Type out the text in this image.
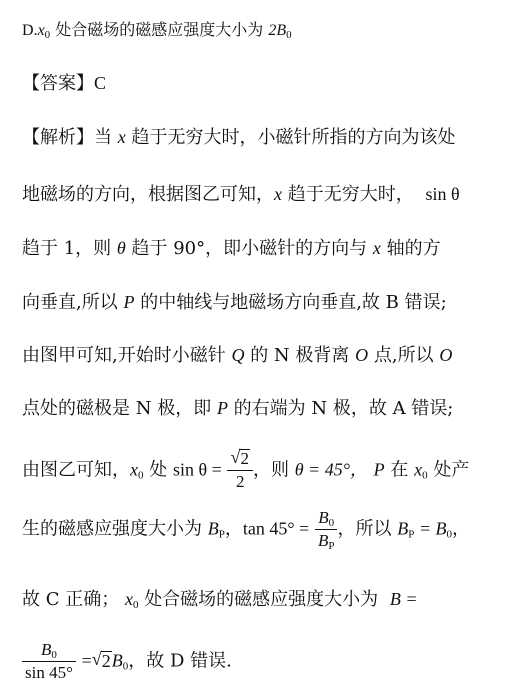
$D.x_0$ 处合磁场的磁感应强度大小为 $2B_0$
【答案】C
【解析】当 x 趋于无穷大时，小磁针所指的方向为该处
地磁场的方向，根据图乙可知，x 趋于无穷大时， sin θ
趋于 1，则 θ 趋于 90°，即小磁针的方向与 x 轴的方
向垂直,所以 P 的中轴线与地磁场方向垂直,故 B 错误;
由图甲可知,开始时小磁针 Q 的 N 极背离 O 点,所以 O
点处的磁极是 N 极，即 P 的右端为 N 极，故 A 错误;
由图乙可知，$x_0$ 处 $\sin \theta = \frac{√ 2}{2}$ ，则 θ = 45°， P 在 $x_0$ 处产
生的磁感应强度大小为 $B_P$，$\tan 45^\circ = \frac{B_0}{B_P}$ ，所以 $B_P = B_0$，
故 C 正确； $x_0$ 处合磁场的磁感应强度大小为 B =
$\frac{B_0}{\sin 45^\circ}$ = √ $2B_0$，故 D 错误.
